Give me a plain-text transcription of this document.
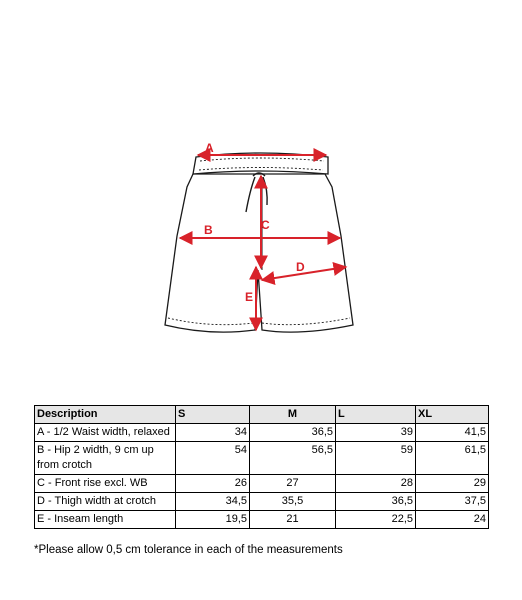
A
B	C
D
E
Description	S	M	L	XL
A - 1/2 Waist width, relaxed	34	36,5	39	41,5
B - Hip 2 width, 9 cm up from crotch	54	56,5	59	61,5
C - Front rise excl. WB	26	27	28	29
D - Thigh width at crotch	34,5	35,5	36,5	37,5
E - Inseam length	19,5	21	22,5	24
*Please allow 0,5 cm tolerance in each of the measurements
